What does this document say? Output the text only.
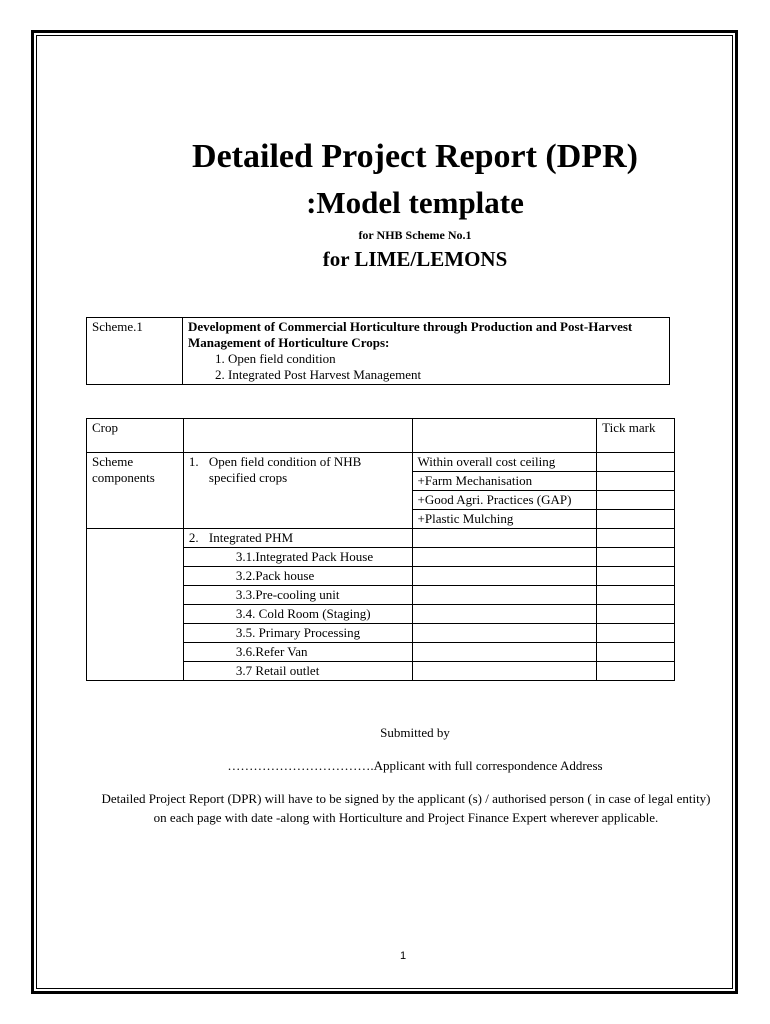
Detailed Project Report (DPR)
:Model template
for NHB Scheme No.1
for LIME/LEMONS
Scheme.1	Development of Commercial Horticulture through Production and Post-Harvest Management of Horticulture Crops:
1. Open field condition
2. Integrated Post Harvest Management
Crop			Tick mark
Scheme components	1. Open field condition of NHB specified crops	Within overall cost ceiling	
		+Farm Mechanisation	
		+Good Agri. Practices (GAP)	
		+Plastic Mulching	

	2. Integrated PHM		

	3.1.Integrated Pack House		
	3.2.Pack house		
	3.3.Pre-cooling unit		
	3.4. Cold Room (Staging)		
	3.5. Primary Processing		
	3.6.Refer Van		
	3.7 Retail outlet		
Submitted by
…………………………….Applicant with full correspondence Address
Detailed Project Report (DPR) will have to be signed by the applicant (s) / authorised person ( in case of legal entity) on each page with date -along with Horticulture and Project Finance Expert wherever applicable.
1
